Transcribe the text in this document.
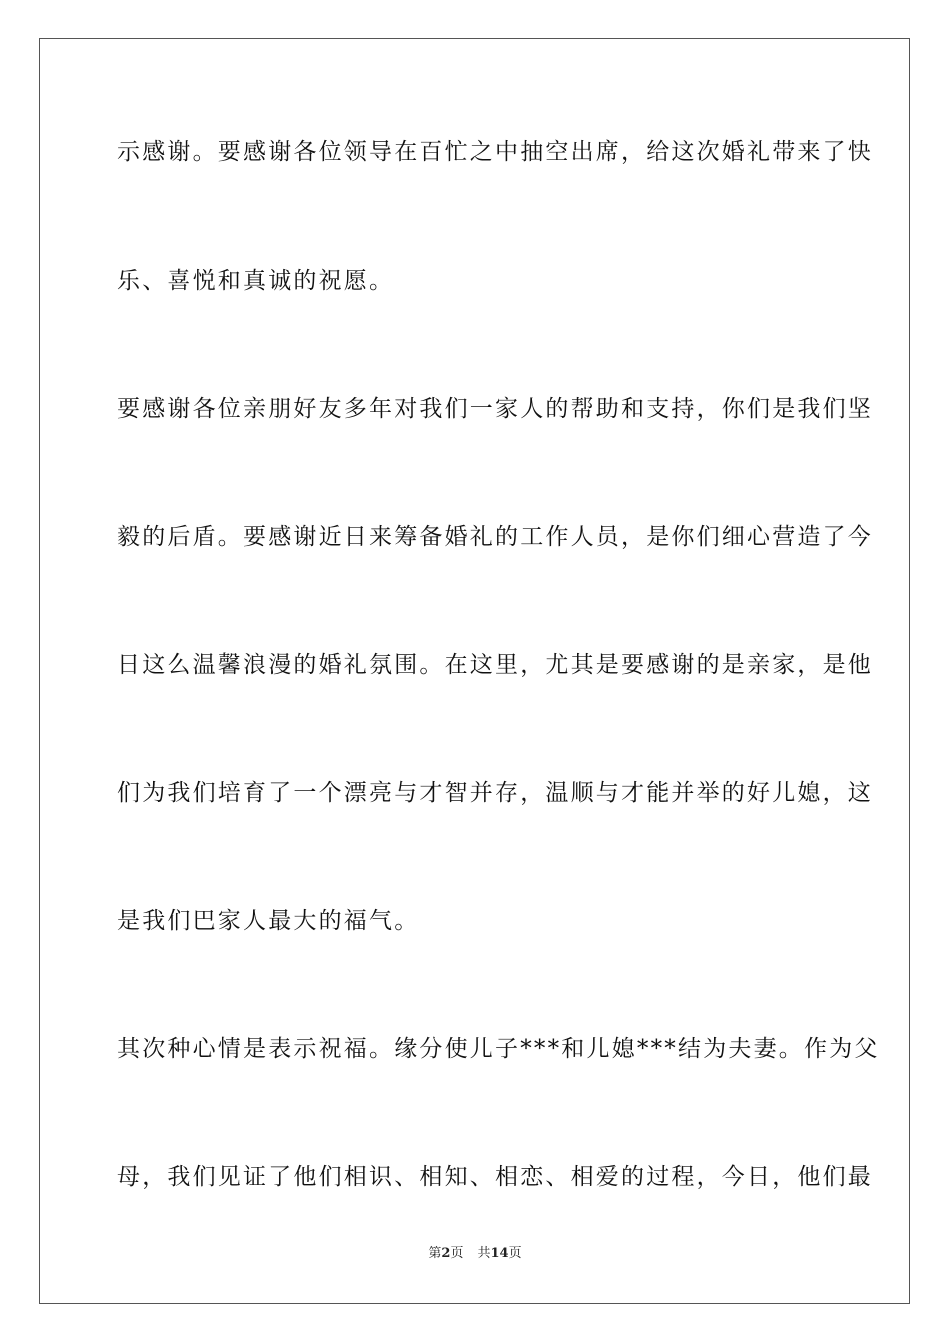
示感谢。要感谢各位领导在百忙之中抽空出席，给这次婚礼带来了快
乐、喜悦和真诚的祝愿。
要感谢各位亲朋好友多年对我们一家人的帮助和支持，你们是我们坚
毅的后盾。要感谢近日来筹备婚礼的工作人员，是你们细心营造了今
日这么温馨浪漫的婚礼氛围。在这里，尤其是要感谢的是亲家，是他
们为我们培育了一个漂亮与才智并存，温顺与才能并举的好儿媳，这
是我们巴家人最大的福气。
其次种心情是表示祝福。缘分使儿子***和儿媳***结为夫妻。作为父
母，我们见证了他们相识、相知、相恋、相爱的过程，今日，他们最
第2页 共14页
